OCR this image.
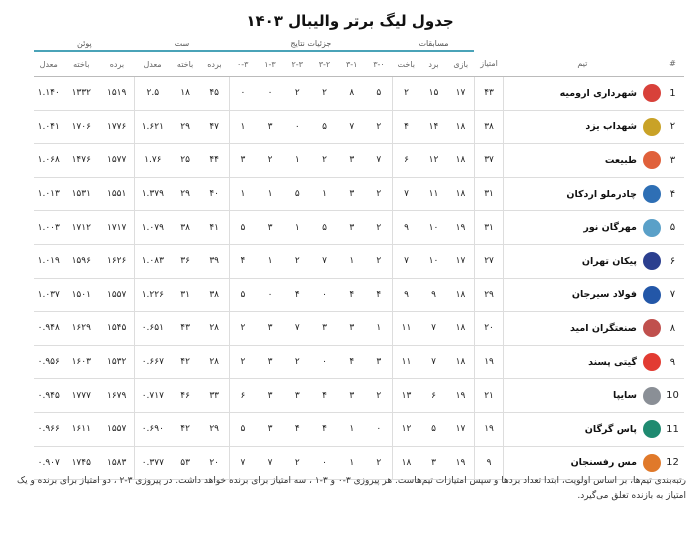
جدول لیگ برتر والیبال ۱۴۰۳
			مسابقات			جزئیات نتایج						ست			پوئن		
#	تیم	امتیاز	بازی	برد	باخت	۳-۰	۳-۱	۳-۲	۲-۳	۱-۳	۰-۳	برده	باخته	معدل	برده	باخته	معدل
1	شهرداری ارومیه	۴۳	۱۷	۱۵	۲	۵	۸	۲	۲	۰	۰	۴۵	۱۸	۲.۵	۱۵۱۹	۱۳۳۲	۱.۱۴۰
۲	شهداب یزد	۳۸	۱۸	۱۴	۴	۲	۷	۵	۰	۳	۱	۴۷	۲۹	۱.۶۲۱	۱۷۷۶	۱۷۰۶	۱.۰۴۱
۳	طبیعت	۳۷	۱۸	۱۲	۶	۷	۳	۲	۱	۲	۳	۴۴	۲۵	۱.۷۶	۱۵۷۷	۱۴۷۶	۱.۰۶۸
۴	چادرملو اردکان	۳۱	۱۸	۱۱	۷	۲	۳	۱	۵	۱	۱	۴۰	۲۹	۱.۳۷۹	۱۵۵۱	۱۵۳۱	۱.۰۱۳
۵	مهرگان نور	۳۱	۱۹	۱۰	۹	۲	۳	۵	۱	۳	۵	۴۱	۳۸	۱.۰۷۹	۱۷۱۷	۱۷۱۲	۱.۰۰۳
۶	پیکان تهران	۲۷	۱۷	۱۰	۷	۲	۱	۷	۲	۱	۴	۳۹	۳۶	۱.۰۸۳	۱۶۲۶	۱۵۹۶	۱.۰۱۹
۷	فولاد سیرجان	۲۹	۱۸	۹	۹	۴	۴	۰	۴	۰	۵	۳۸	۳۱	۱.۲۲۶	۱۵۵۷	۱۵۰۱	۱.۰۳۷
۸	صنعتگران امید	۲۰	۱۸	۷	۱۱	۱	۳	۳	۷	۳	۲	۲۸	۴۳	۰.۶۵۱	۱۵۴۵	۱۶۲۹	۰.۹۴۸
۹	گیتی پسند	۱۹	۱۸	۷	۱۱	۳	۴	۰	۲	۳	۲	۲۸	۴۲	۰.۶۶۷	۱۵۳۲	۱۶۰۳	۰.۹۵۶
10	سایپا	۲۱	۱۹	۶	۱۳	۲	۳	۴	۳	۳	۶	۳۳	۴۶	۰.۷۱۷	۱۶۷۹	۱۷۷۷	۰.۹۴۵
11	پاس گرگان	۱۹	۱۷	۵	۱۲	۰	۱	۴	۴	۳	۵	۲۹	۴۲	۰.۶۹۰	۱۵۵۷	۱۶۱۱	۰.۹۶۶
12	مس رفسنجان	۹	۱۹	۳	۱۸	۲	۱	۰	۲	۷	۷	۲۰	۵۳	۰.۳۷۷	۱۵۸۳	۱۷۴۵	۰.۹۰۷
رتبه‌بندی تیم‌ها، بر اساس اولویت، ابتدا تعداد بردها و سپس امتیازات تیم‌هاست. هر پیروزی ۳-۰ و ۳-۱ ، سه امتیاز برای برنده خواهد داشت. در پیروزی ۳-۲ ، دو امتیاز برای برنده و یک امتیاز به بازنده تعلق می‌گیرد.
